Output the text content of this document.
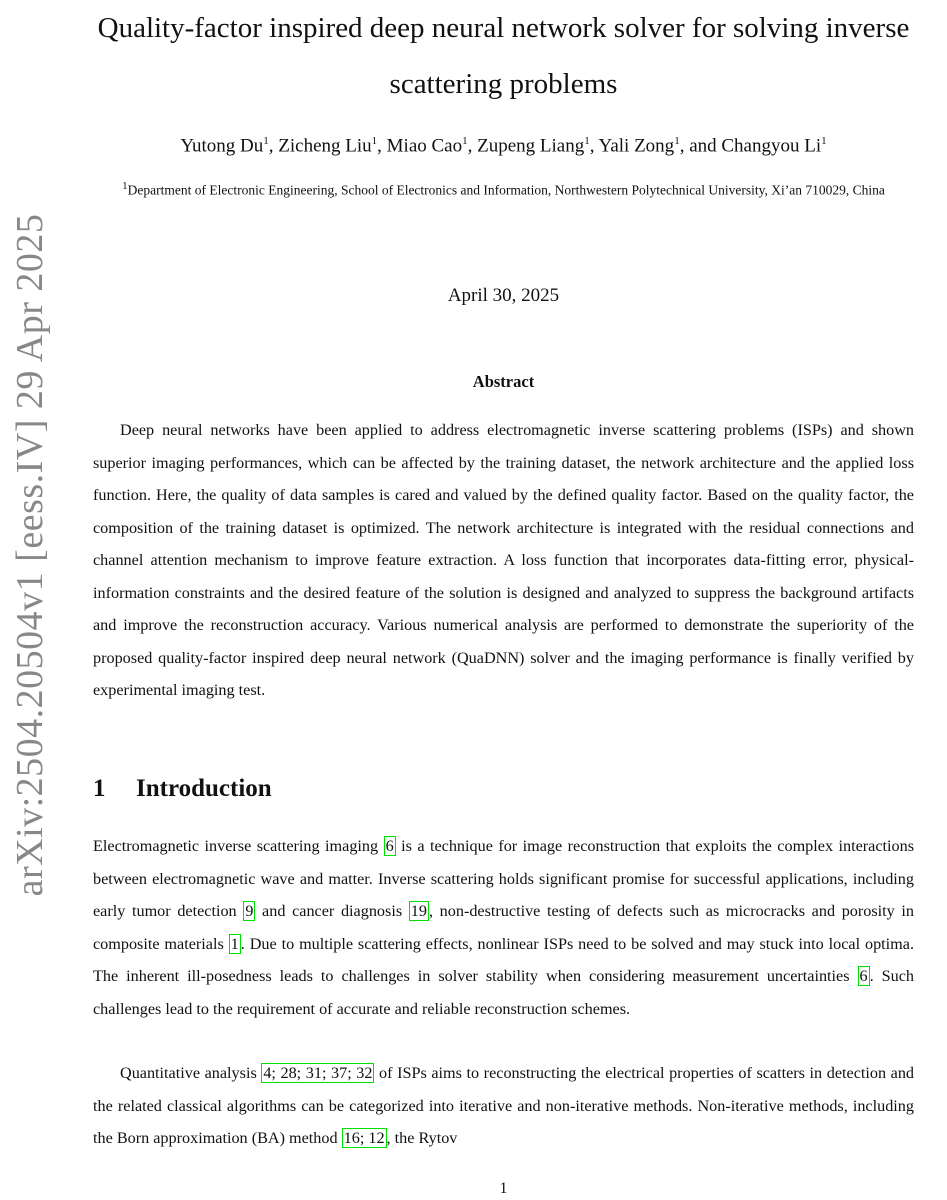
arXiv:2504.20504v1 [eess.IV] 29 Apr 2025
Quality-factor inspired deep neural network solver for solving inverse scattering problems
Yutong Du$^1$, Zicheng Liu$^1$, Miao Cao$^1$, Zupeng Liang$^1$, Yali Zong$^1$, and Changyou Li$^1$
$^1$Department of Electronic Engineering, School of Electronics and Information, Northwestern Polytechnical University, Xi’an 710029, China
April 30, 2025
Abstract

Deep neural networks have been applied to address electromagnetic inverse scattering problems (ISPs) and shown superior imaging performances, which can be affected by the training dataset, the network architecture and the applied loss function. Here, the quality of data samples is cared and valued by the defined quality factor. Based on the quality factor, the composition of the training dataset is optimized. The network architecture is integrated with the residual connections and channel attention mechanism to improve feature extraction. A loss function that incorporates data-fitting error, physical-information constraints and the desired feature of the solution is designed and analyzed to suppress the background artifacts and improve the reconstruction accuracy. Various numerical analysis are performed to demonstrate the superiority of the proposed quality-factor inspired deep neural network (QuaDNN) solver and the imaging performance is finally verified by experimental imaging test.

1 Introduction

Electromagnetic inverse scattering imaging 6 is a technique for image reconstruction that exploits the complex interactions between electromagnetic wave and matter. Inverse scattering holds significant promise for successful applications, including early tumor detection 9 and cancer diagnosis 19 , non-destructive testing of defects such as microcracks and porosity in composite materials 1 . Due to multiple scattering effects, nonlinear ISPs need to be solved and may stuck into local optima. The inherent ill-posedness leads to challenges in solver stability when considering measurement uncertainties 6 . Such challenges lead to the requirement of accurate and reliable reconstruction schemes.

Quantitative analysis 4; 28; 31; 37; 32 of ISPs aims to reconstructing the electrical properties of scatters in detection and the related classical algorithms can be categorized into iterative and non-iterative methods. Non-iterative methods, including the Born approximation (BA) method 16; 12 , the Rytov

1
